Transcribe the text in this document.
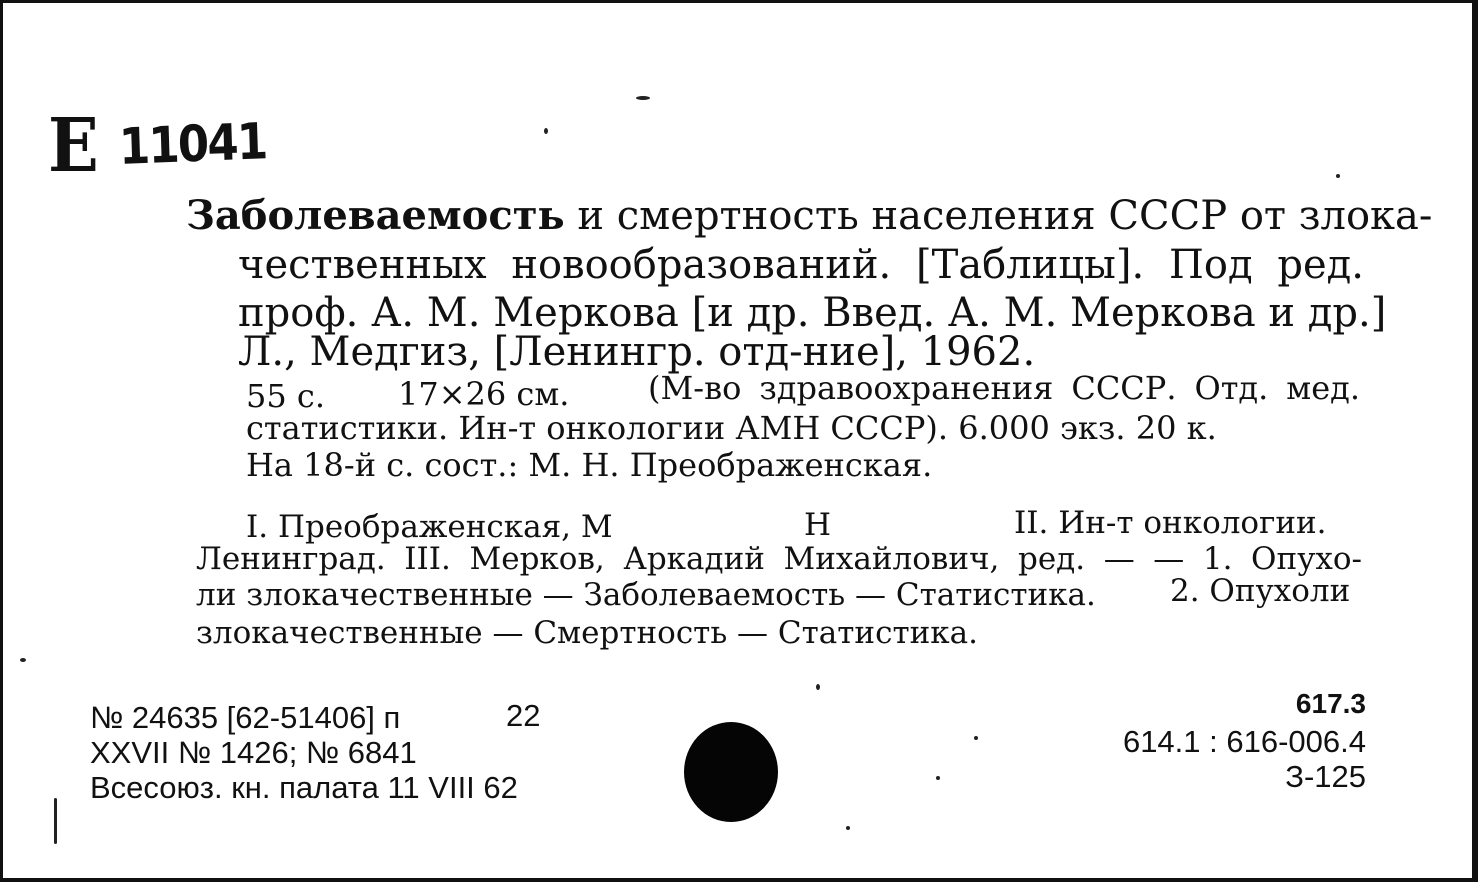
Е 11041
Заболеваемость и смертность населения СССР от злока-
чественных новообразований. [Таблицы]. Под ред.
проф. А. М. Меркова [и др. Введ. А. М. Меркова и др.]
Л., Медгиз, [Ленингр. отд-ние], 1962.
55 с. 17×26 см. (М-во здравоохранения СССР. Отд. мед.
статистики. Ин-т онкологии АМН СССР). 6.000 экз. 20 к.
На 18-й с. сост.: М. Н. Преображенская.
I. Преображенская, М	Н	II. Ин-т онкологии.
Ленинград. III. Мерков, Аркадий Михайлович, ред. — — 1. Опухо-
ли злокачественные — Заболеваемость — Статистика. 2. Опухоли
злокачественные — Смертность — Статистика.
№ 24635 [62-51406] п	22
XXVII № 1426; № 6841
Всесоюз. кн. палата 11 VIII 62
617.3
614.1 : 616-006.4
З-125
